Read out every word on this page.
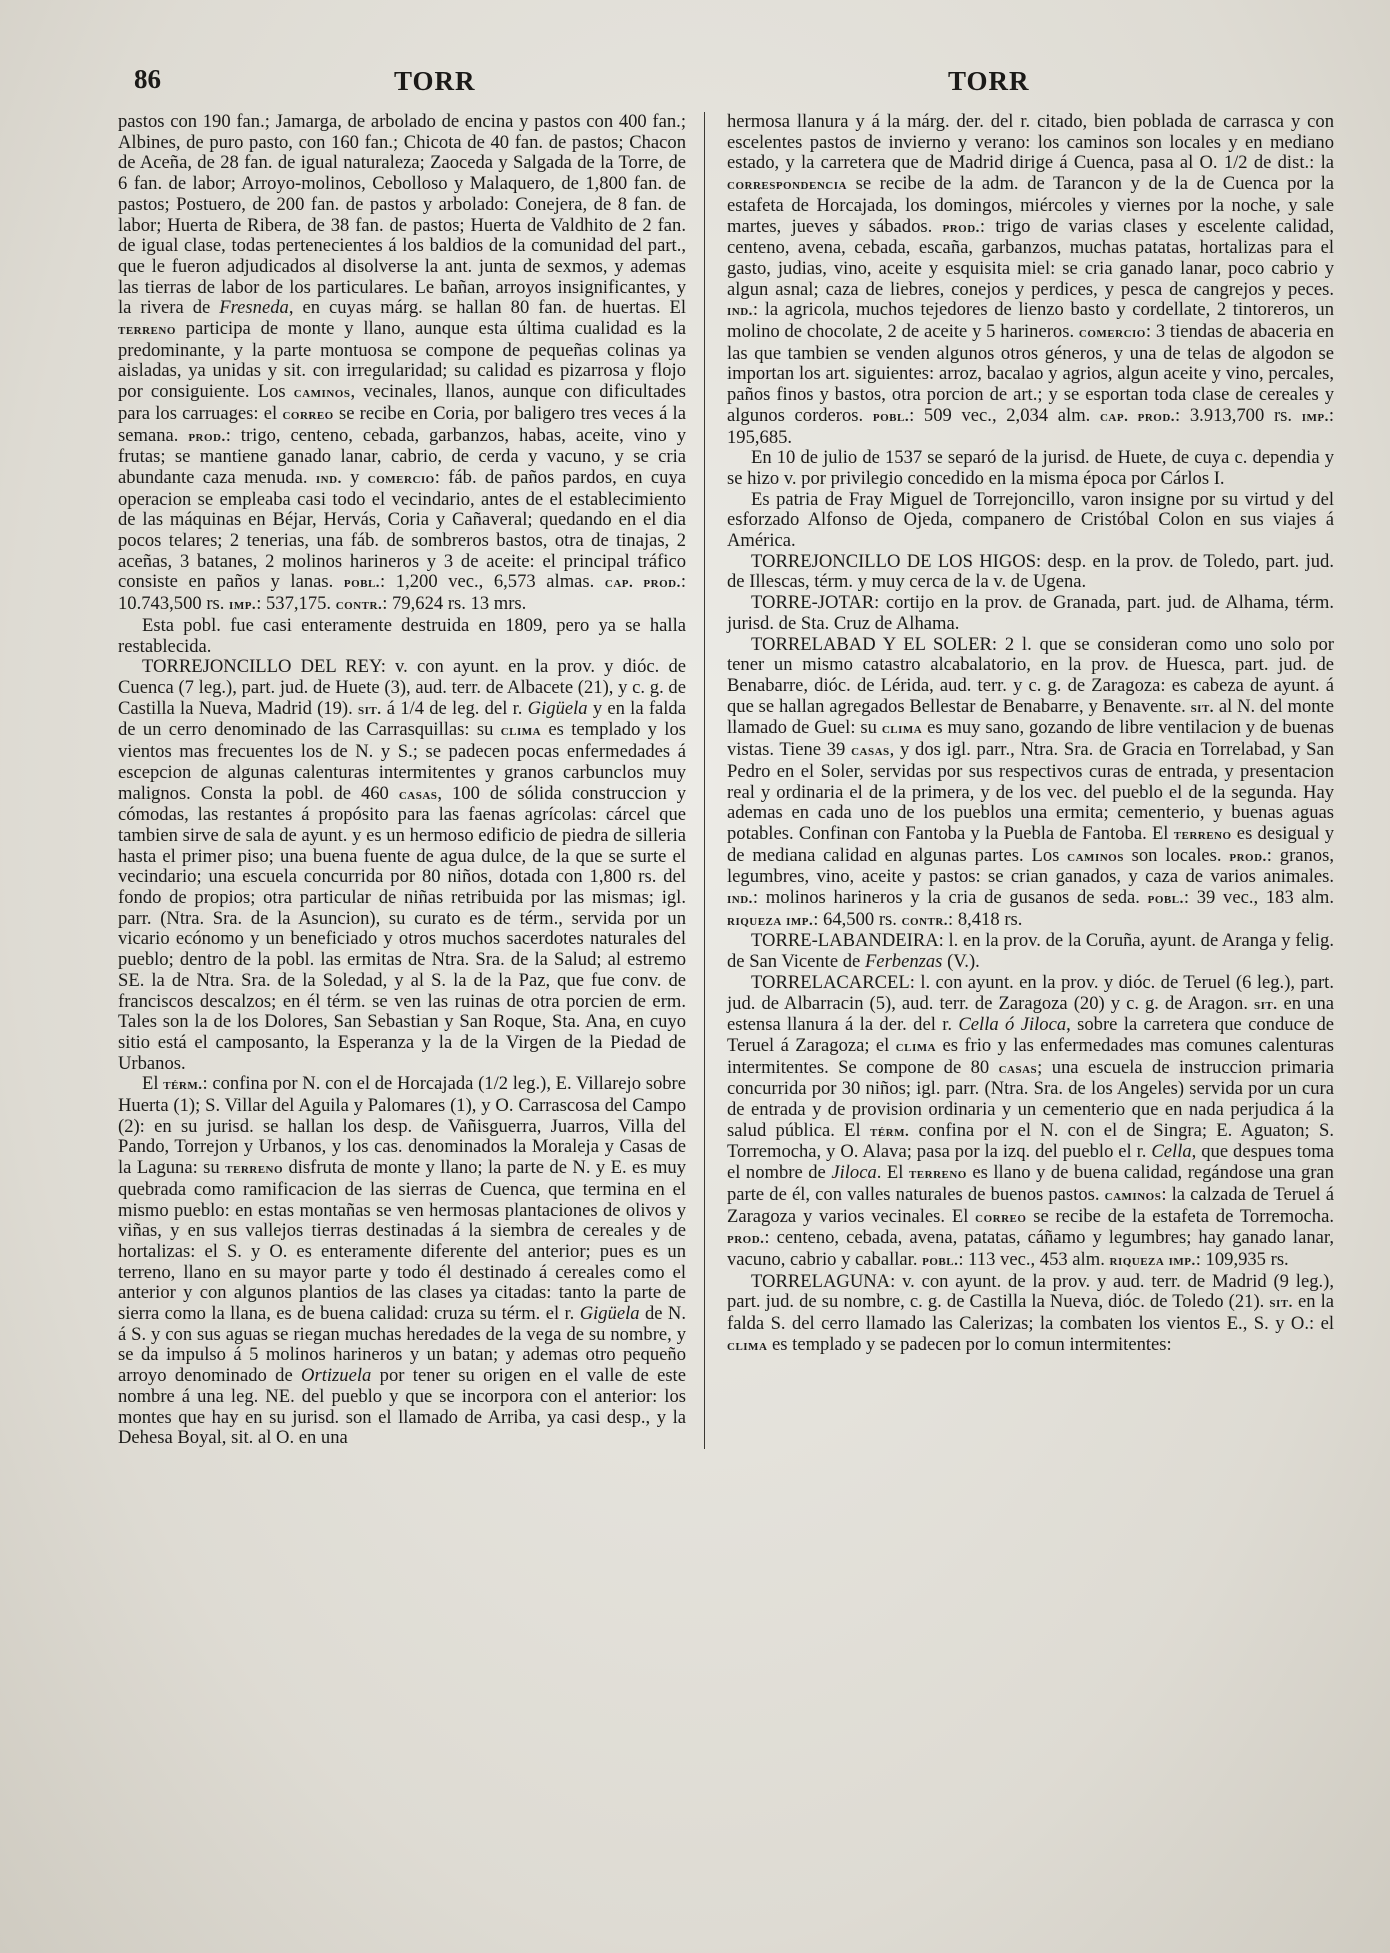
86	TORR	TORR

pastos con 190 fan.; Jamarga, de arbolado de encina y pastos con 400 fan.; Albines, de puro pasto, con 160 fan.; Chicota de 40 fan. de pastos; Chacon de Aceña, de 28 fan. de igual naturaleza; Zaoceda y Salgada de la Torre, de 6 fan. de labor; Arroyo-molinos, Cebolloso y Malaquero, de 1,800 fan. de pastos; Postuero, de 200 fan. de pastos y arbolado: Conejera, de 8 fan. de labor; Huerta de Ribera, de 38 fan. de pastos; Huerta de Valdhito de 2 fan. de igual clase, todas pertenecientes á los baldios de la comunidad del part., que le fueron adjudicados al disolverse la ant. junta de sexmos, y ademas las tierras de labor de los particulares. Le bañan, arroyos insignificantes, y la rivera de Fresneda, en cuyas márg. se hallan 80 fan. de huertas. El terreno participa de monte y llano, aunque esta última cualidad es la predominante, y la parte montuosa se compone de pequeñas colinas ya aisladas, ya unidas y sit. con irregularidad; su calidad es pizarrosa y flojo por consiguiente. Los caminos, vecinales, llanos, aunque con dificultades para los carruages: el correo se recibe en Coria, por baligero tres veces á la semana. prod.: trigo, centeno, cebada, garbanzos, habas, aceite, vino y frutas; se mantiene ganado lanar, cabrio, de cerda y vacuno, y se cria abundante caza menuda. ind. y comercio: fáb. de paños pardos, en cuya operacion se empleaba casi todo el vecindario, antes de el establecimiento de las máquinas en Béjar, Hervás, Coria y Cañaveral; quedando en el dia pocos telares; 2 tenerias, una fáb. de sombreros bastos, otra de tinajas, 2 aceñas, 3 batanes, 2 molinos harineros y 3 de aceite: el principal tráfico consiste en paños y lanas. pobl.: 1,200 vec., 6,573 almas. cap. prod.: 10.743,500 rs. imp.: 537,175. contr.: 79,624 rs. 13 mrs.

Esta pobl. fue casi enteramente destruida en 1809, pero ya se halla restablecida.

TORREJONCILLO DEL REY: v. con ayunt. en la prov. y dióc. de Cuenca (7 leg.), part. jud. de Huete (3), aud. terr. de Albacete (21), y c. g. de Castilla la Nueva, Madrid (19). sit. á 1/4 de leg. del r. Gigüela y en la falda de un cerro denominado de las Carrasquillas: su clima es templado y los vientos mas frecuentes los de N. y S.; se padecen pocas enfermedades á escepcion de algunas calenturas intermitentes y granos carbunclos muy malignos. Consta la pobl. de 460 casas, 100 de sólida construccion y cómodas, las restantes á propósito para las faenas agrícolas: cárcel que tambien sirve de sala de ayunt. y es un hermoso edificio de piedra de silleria hasta el primer piso; una buena fuente de agua dulce, de la que se surte el vecindario; una escuela concurrida por 80 niños, dotada con 1,800 rs. del fondo de propios; otra particular de niñas retribuida por las mismas; igl. parr. (Ntra. Sra. de la Asuncion), su curato es de térm., servida por un vicario ecónomo y un beneficiado y otros muchos sacerdotes naturales del pueblo; dentro de la pobl. las ermitas de Ntra. Sra. de la Salud; al estremo SE. la de Ntra. Sra. de la Soledad, y al S. la de la Paz, que fue conv. de franciscos descalzos; en él térm. se ven las ruinas de otra porcien de erm. Tales son la de los Dolores, San Sebastian y San Roque, Sta. Ana, en cuyo sitio está el camposanto, la Esperanza y la de la Virgen de la Piedad de Urbanos.

El térm.: confina por N. con el de Horcajada (1/2 leg.), E. Villarejo sobre Huerta (1); S. Villar del Aguila y Palomares (1), y O. Carrascosa del Campo (2): en su jurisd. se hallan los desp. de Vañisguerra, Juarros, Villa del Pando, Torrejon y Urbanos, y los cas. denominados la Moraleja y Casas de la Laguna: su terreno disfruta de monte y llano; la parte de N. y E. es muy quebrada como ramificacion de las sierras de Cuenca, que termina en el mismo pueblo: en estas montañas se ven hermosas plantaciones de olivos y viñas, y en sus vallejos tierras destinadas á la siembra de cereales y de hortalizas: el S. y O. es enteramente diferente del anterior; pues es un terreno, llano en su mayor parte y todo él destinado á cereales como el anterior y con algunos plantios de las clases ya citadas: tanto la parte de sierra como la llana, es de buena calidad: cruza su térm. el r. Gigüela de N. á S. y con sus aguas se riegan muchas heredades de la vega de su nombre, y se da impulso á 5 molinos harineros y un batan; y ademas otro pequeño arroyo denominado de Ortizuela por tener su origen en el valle de este nombre á una leg. NE. del pueblo y que se incorpora con el anterior: los montes que hay en su jurisd. son el llamado de Arriba, ya casi desp., y la Dehesa Boyal, sit. al O. en una

hermosa llanura y á la márg. der. del r. citado, bien poblada de carrasca y con escelentes pastos de invierno y verano: los caminos son locales y en mediano estado, y la carretera que de Madrid dirige á Cuenca, pasa al O. 1/2 de dist.: la correspondencia se recibe de la adm. de Tarancon y de la de Cuenca por la estafeta de Horcajada, los domingos, miércoles y viernes por la noche, y sale martes, jueves y sábados. prod.: trigo de varias clases y escelente calidad, centeno, avena, cebada, escaña, garbanzos, muchas patatas, hortalizas para el gasto, judias, vino, aceite y esquisita miel: se cria ganado lanar, poco cabrio y algun asnal; caza de liebres, conejos y perdices, y pesca de cangrejos y peces. ind.: la agricola, muchos tejedores de lienzo basto y cordellate, 2 tintoreros, un molino de chocolate, 2 de aceite y 5 harineros. comercio: 3 tiendas de abaceria en las que tambien se venden algunos otros géneros, y una de telas de algodon se importan los art. siguientes: arroz, bacalao y agrios, algun aceite y vino, percales, paños finos y bastos, otra porcion de art.; y se esportan toda clase de cereales y algunos corderos. pobl.: 509 vec., 2,034 alm. cap. prod.: 3.913,700 rs. imp.: 195,685.

En 10 de julio de 1537 se separó de la jurisd. de Huete, de cuya c. dependia y se hizo v. por privilegio concedido en la misma época por Cárlos I.

Es patria de Fray Miguel de Torrejoncillo, varon insigne por su virtud y del esforzado Alfonso de Ojeda, companero de Cristóbal Colon en sus viajes á América.

TORREJONCILLO DE LOS HIGOS: desp. en la prov. de Toledo, part. jud. de Illescas, térm. y muy cerca de la v. de Ugena.

TORRE-JOTAR: cortijo en la prov. de Granada, part. jud. de Alhama, térm. jurisd. de Sta. Cruz de Alhama.

TORRELABAD Y EL SOLER: 2 l. que se consideran como uno solo por tener un mismo catastro alcabalatorio, en la prov. de Huesca, part. jud. de Benabarre, dióc. de Lérida, aud. terr. y c. g. de Zaragoza: es cabeza de ayunt. á que se hallan agregados Bellestar de Benabarre, y Benavente. sit. al N. del monte llamado de Guel: su clima es muy sano, gozando de libre ventilacion y de buenas vistas. Tiene 39 casas, y dos igl. parr., Ntra. Sra. de Gracia en Torrelabad, y San Pedro en el Soler, servidas por sus respectivos curas de entrada, y presentacion real y ordinaria el de la primera, y de los vec. del pueblo el de la segunda. Hay ademas en cada uno de los pueblos una ermita; cementerio, y buenas aguas potables. Confinan con Fantoba y la Puebla de Fantoba. El terreno es desigual y de mediana calidad en algunas partes. Los caminos son locales. prod.: granos, legumbres, vino, aceite y pastos: se crian ganados, y caza de varios animales. ind.: molinos harineros y la cria de gusanos de seda. pobl.: 39 vec., 183 alm. riqueza imp.: 64,500 rs. contr.: 8,418 rs.

TORRE-LABANDEIRA: l. en la prov. de la Coruña, ayunt. de Aranga y felig. de San Vicente de Ferbenzas (V.).

TORRELACARCEL: l. con ayunt. en la prov. y dióc. de Teruel (6 leg.), part. jud. de Albarracin (5), aud. terr. de Zaragoza (20) y c. g. de Aragon. sit. en una estensa llanura á la der. del r. Cella ó Jiloca, sobre la carretera que conduce de Teruel á Zaragoza; el clima es frio y las enfermedades mas comunes calenturas intermitentes. Se compone de 80 casas; una escuela de instruccion primaria concurrida por 30 niños; igl. parr. (Ntra. Sra. de los Angeles) servida por un cura de entrada y de provision ordinaria y un cementerio que en nada perjudica á la salud pública. El térm. confina por el N. con el de Singra; E. Aguaton; S. Torremocha, y O. Alava; pasa por la izq. del pueblo el r. Cella, que despues toma el nombre de Jiloca. El terreno es llano y de buena calidad, regándose una gran parte de él, con valles naturales de buenos pastos. caminos: la calzada de Teruel á Zaragoza y varios vecinales. El correo se recibe de la estafeta de Torremocha. prod.: centeno, cebada, avena, patatas, cáñamo y legumbres; hay ganado lanar, vacuno, cabrio y caballar. pobl.: 113 vec., 453 alm. riqueza imp.: 109,935 rs.

TORRELAGUNA: v. con ayunt. de la prov. y aud. terr. de Madrid (9 leg.), part. jud. de su nombre, c. g. de Castilla la Nueva, dióc. de Toledo (21). sit. en la falda S. del cerro llamado las Calerizas; la combaten los vientos E., S. y O.: el clima es templado y se padecen por lo comun intermitentes:
